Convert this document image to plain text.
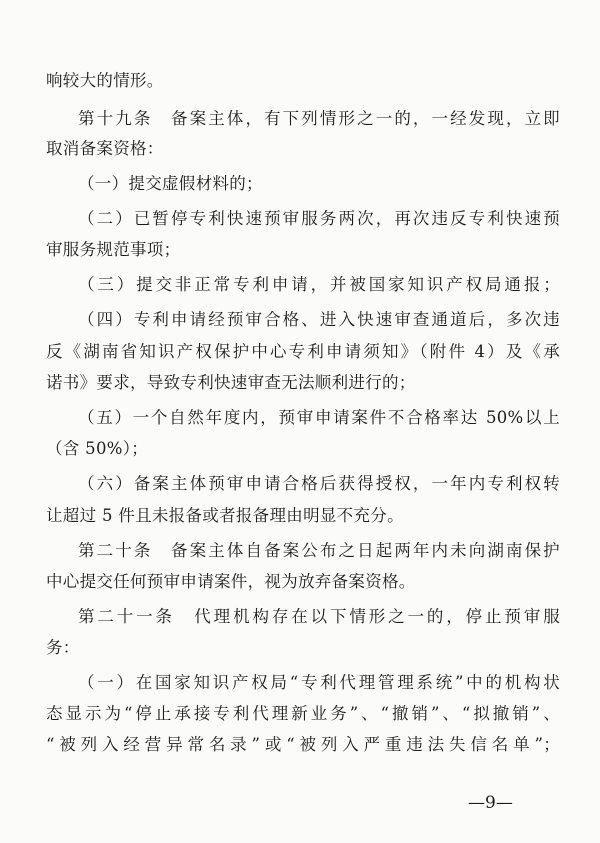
响较大的情形。
第十九条　备案主体，有下列情形之一的，一经发现，立即
取消备案资格：
（一）提交虚假材料的；
（二）已暂停专利快速预审服务两次，再次违反专利快速预
审服务规范事项；
（三）提交非正常专利申请，并被国家知识产权局通报；
（四）专利申请经预审合格、进入快速审查通道后，多次违
反《湖南省知识产权保护中心专利申请须知》（附件 4）及《承
诺书》要求，导致专利快速审查无法顺利进行的；
（五）一个自然年度内，预审申请案件不合格率达 50%以上
（含 50%）；
（六）备案主体预审申请合格后获得授权，一年内专利权转
让超过 5 件且未报备或者报备理由明显不充分。
第二十条　备案主体自备案公布之日起两年内未向湖南保护
中心提交任何预审申请案件，视为放弃备案资格。
第二十一条　代理机构存在以下情形之一的，停止预审服
务：
（一）在国家知识产权局“专利代理管理系统”中的机构状
态显示为“停止承接专利代理新业务”、“撤销”、“拟撤销”、
“被列入经营异常名录”或“被列入严重违法失信名单”；
—9—
